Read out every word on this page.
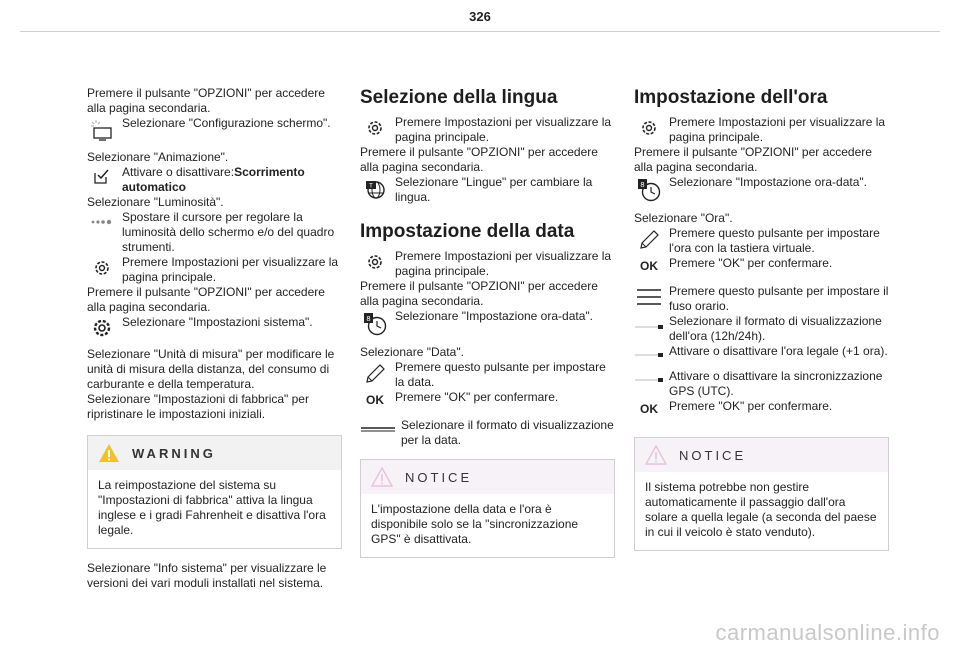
326

Premere il pulsante "OPZIONI" per accedere alla pagina secondaria.

Selezionare "Configurazione schermo".

Selezionare "Animazione".

Attivare o disattivare:Scorrimento automatico

Selezionare "Luminosità".

Spostare il cursore per regolare la luminosità dello schermo e/o del quadro strumenti.

Premere Impostazioni per visualizzare la pagina principale.

Premere il pulsante "OPZIONI" per accedere alla pagina secondaria.

Selezionare "Impostazioni sistema".

Selezionare "Unità di misura" per modificare le unità di misura della distanza, del consumo di carburante e della temperatura.

Selezionare "Impostazioni di fabbrica" per ripristinare le impostazioni iniziali.

WARNING
La reimpostazione del sistema su "Impostazioni di fabbrica" attiva la lingua inglese e i gradi Fahrenheit e disattiva l'ora legale.

Selezionare "Info sistema" per visualizzare le versioni dei vari moduli installati nel sistema.

Selezione della lingua

Premere Impostazioni per visualizzare la pagina principale.

Premere il pulsante "OPZIONI" per accedere alla pagina secondaria.

T Selezionare "Lingue" per cambiare la lingua.

Impostazione della data

Premere Impostazioni per visualizzare la pagina principale.

Premere il pulsante "OPZIONI" per accedere alla pagina secondaria.

8 Selezionare "Impostazione ora-data".

Selezionare "Data".

Premere questo pulsante per impostare la data.

OK Premere "OK" per confermare.

Selezionare il formato di visualizzazione per la data.

NOTICE
L'impostazione della data e l'ora è disponibile solo se la "sincronizzazione GPS" è disattivata.

Impostazione dell'ora

Premere Impostazioni per visualizzare la pagina principale.

Premere il pulsante "OPZIONI" per accedere alla pagina secondaria.

8 Selezionare "Impostazione ora-data".

Selezionare "Ora".

Premere questo pulsante per impostare l'ora con la tastiera virtuale.

OK Premere "OK" per confermare.

Premere questo pulsante per impostare il fuso orario.

Selezionare il formato di visualizzazione dell'ora (12h/24h).

Attivare o disattivare l'ora legale (+1 ora).

Attivare o disattivare la sincronizzazione GPS (UTC).

OK Premere "OK" per confermare.

NOTICE
Il sistema potrebbe non gestire automaticamente il passaggio dall'ora solare a quella legale (a seconda del paese in cui il veicolo è stato venduto).
carmanualsonline.info
